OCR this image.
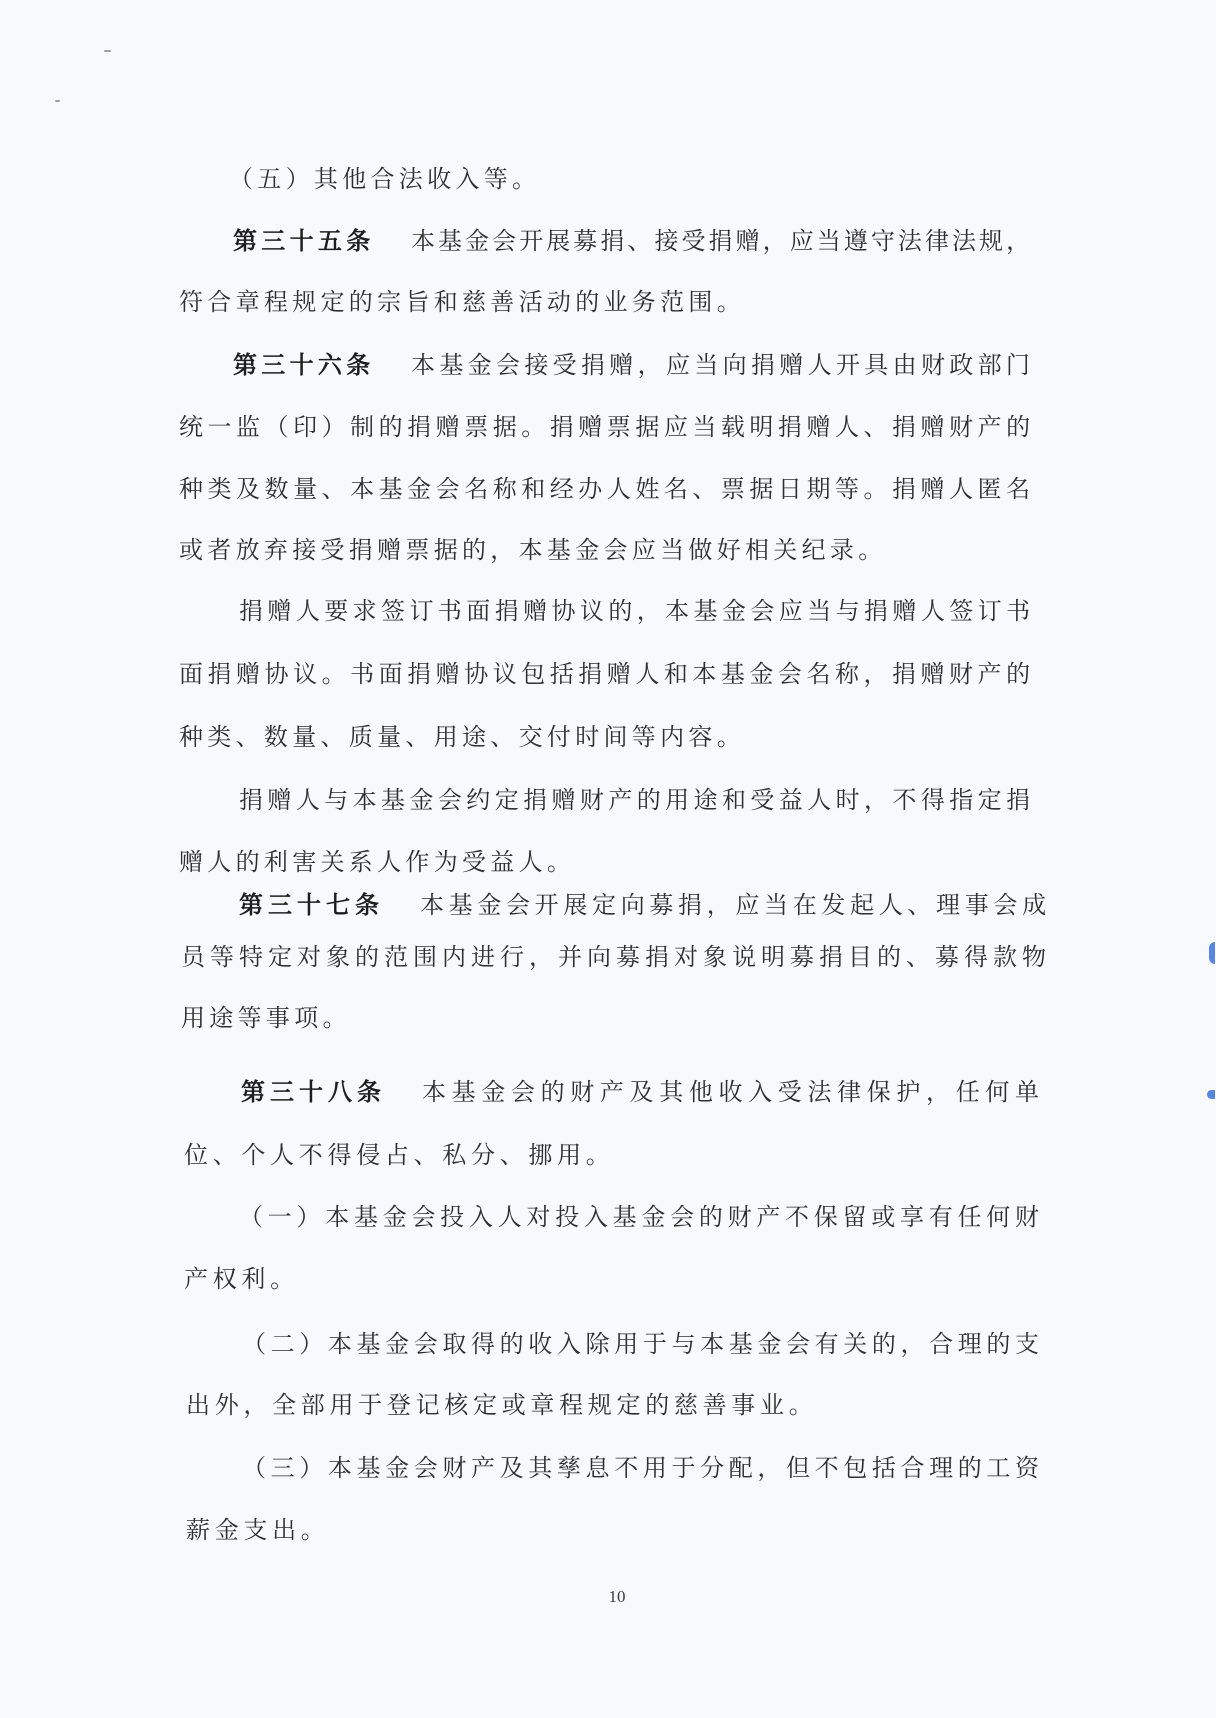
（五）其他合法收入等。
第三十五条 本基金会开展募捐、接受捐赠，应当遵守法律法规，
符合章程规定的宗旨和慈善活动的业务范围。
第三十六条 本基金会接受捐赠，应当向捐赠人开具由财政部门
统一监（印）制的捐赠票据。捐赠票据应当载明捐赠人、捐赠财产的
种类及数量、本基金会名称和经办人姓名、票据日期等。捐赠人匿名
或者放弃接受捐赠票据的，本基金会应当做好相关纪录。
捐赠人要求签订书面捐赠协议的，本基金会应当与捐赠人签订书
面捐赠协议。书面捐赠协议包括捐赠人和本基金会名称，捐赠财产的
种类、数量、质量、用途、交付时间等内容。
捐赠人与本基金会约定捐赠财产的用途和受益人时，不得指定捐
赠人的利害关系人作为受益人。
第三十七条 本基金会开展定向募捐，应当在发起人、理事会成
员等特定对象的范围内进行，并向募捐对象说明募捐目的、募得款物
用途等事项。
第三十八条 本基金会的财产及其他收入受法律保护，任何单
位、个人不得侵占、私分、挪用。
（一）本基金会投入人对投入基金会的财产不保留或享有任何财
产权利。
（二）本基金会取得的收入除用于与本基金会有关的，合理的支
出外，全部用于登记核定或章程规定的慈善事业。
（三）本基金会财产及其孳息不用于分配，但不包括合理的工资
薪金支出。
10
